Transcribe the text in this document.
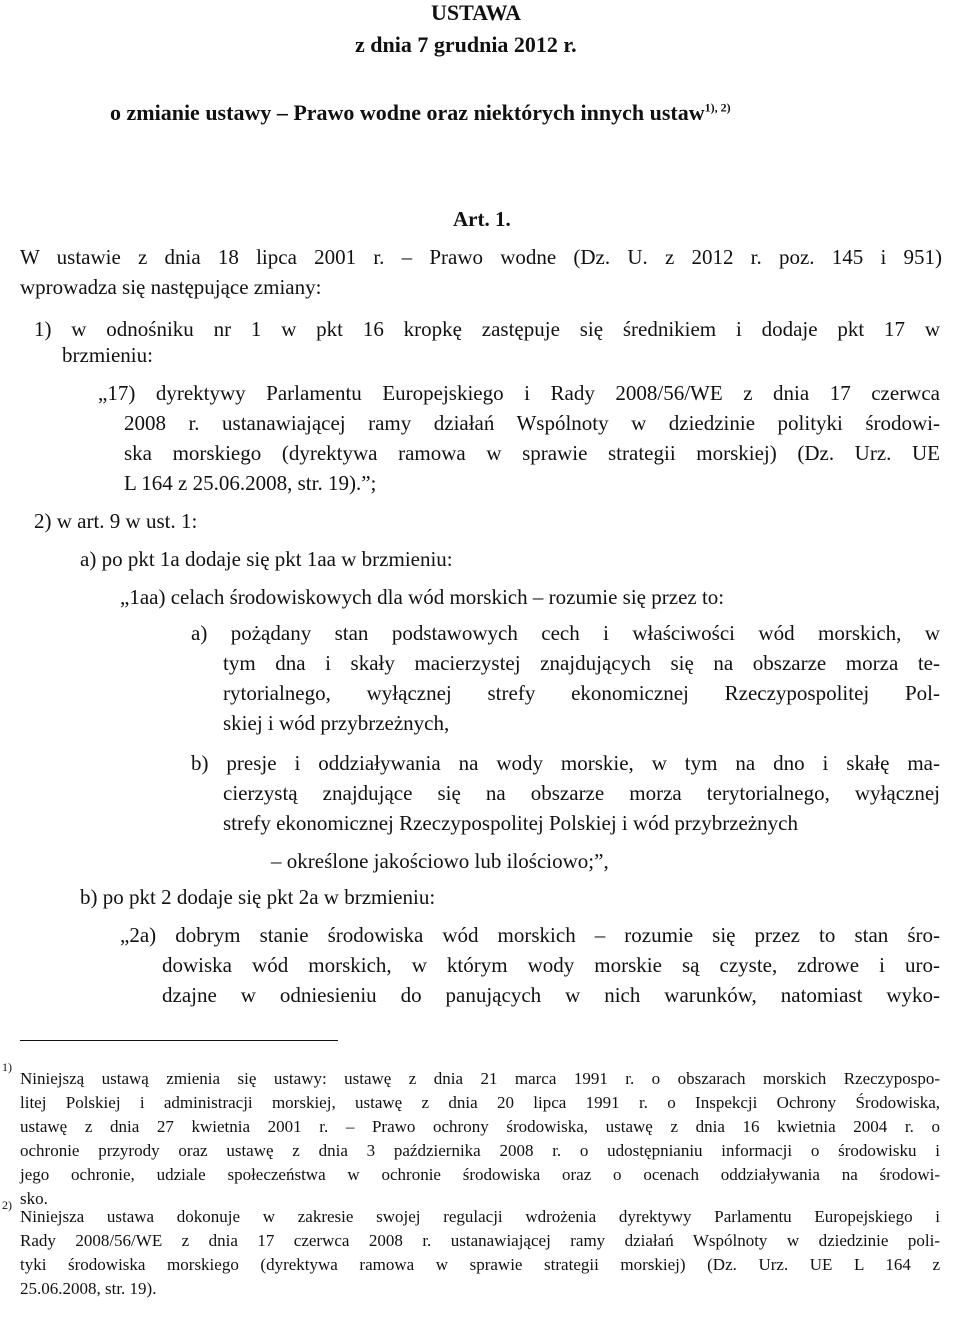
USTAWA
z dnia 7 grudnia 2012 r.
o zmianie ustawy – Prawo wodne oraz niektórych innych ustaw$^{1), 2)}$
Art. 1.
W ustawie z dnia 18 lipca 2001 r. – Prawo wodne (Dz. U. z 2012 r. poz. 145 i 951)
wprowadza się następujące zmiany:
1) w odnośniku nr 1 w pkt 16 kropkę zastępuje się średnikiem i dodaje pkt 17 w
brzmieniu:
„17) dyrektywy Parlamentu Europejskiego i Rady 2008/56/WE z dnia 17 czerwca
2008 r. ustanawiającej ramy działań Wspólnoty w dziedzinie polityki środowi-
ska morskiego (dyrektywa ramowa w sprawie strategii morskiej) (Dz. Urz. UE
L 164 z 25.06.2008, str. 19).”;
2) w art. 9 w ust. 1:
a) po pkt 1a dodaje się pkt 1aa w brzmieniu:
„1aa) celach środowiskowych dla wód morskich – rozumie się przez to:
a) pożądany stan podstawowych cech i właściwości wód morskich, w
tym dna i skały macierzystej znajdujących się na obszarze morza te-
rytorialnego, wyłącznej strefy ekonomicznej Rzeczypospolitej Pol-
skiej i wód przybrzeżnych,
b) presje i oddziaływania na wody morskie, w tym na dno i skałę ma-
cierzystą znajdujące się na obszarze morza terytorialnego, wyłącznej
strefy ekonomicznej Rzeczypospolitej Polskiej i wód przybrzeżnych
– określone jakościowo lub ilościowo;”,
b) po pkt 2 dodaje się pkt 2a w brzmieniu:
„2a) dobrym stanie środowiska wód morskich – rozumie się przez to stan śro-
dowiska wód morskich, w którym wody morskie są czyste, zdrowe i uro-
dzajne w odniesieniu do panujących w nich warunków, natomiast wyko-
1)
Niniejszą ustawą zmienia się ustawy: ustawę z dnia 21 marca 1991 r. o obszarach morskich Rzeczypospo-
litej Polskiej i administracji morskiej, ustawę z dnia 20 lipca 1991 r. o Inspekcji Ochrony Środowiska,
ustawę z dnia 27 kwietnia 2001 r. – Prawo ochrony środowiska, ustawę z dnia 16 kwietnia 2004 r. o
ochronie przyrody oraz ustawę z dnia 3 października 2008 r. o udostępnianiu informacji o środowisku i
jego ochronie, udziale społeczeństwa w ochronie środowiska oraz o ocenach oddziaływania na środowi-
sko.
2)
Niniejsza ustawa dokonuje w zakresie swojej regulacji wdrożenia dyrektywy Parlamentu Europejskiego i
Rady 2008/56/WE z dnia 17 czerwca 2008 r. ustanawiającej ramy działań Wspólnoty w dziedzinie poli-
tyki środowiska morskiego (dyrektywa ramowa w sprawie strategii morskiej) (Dz. Urz. UE L 164 z
25.06.2008, str. 19).
